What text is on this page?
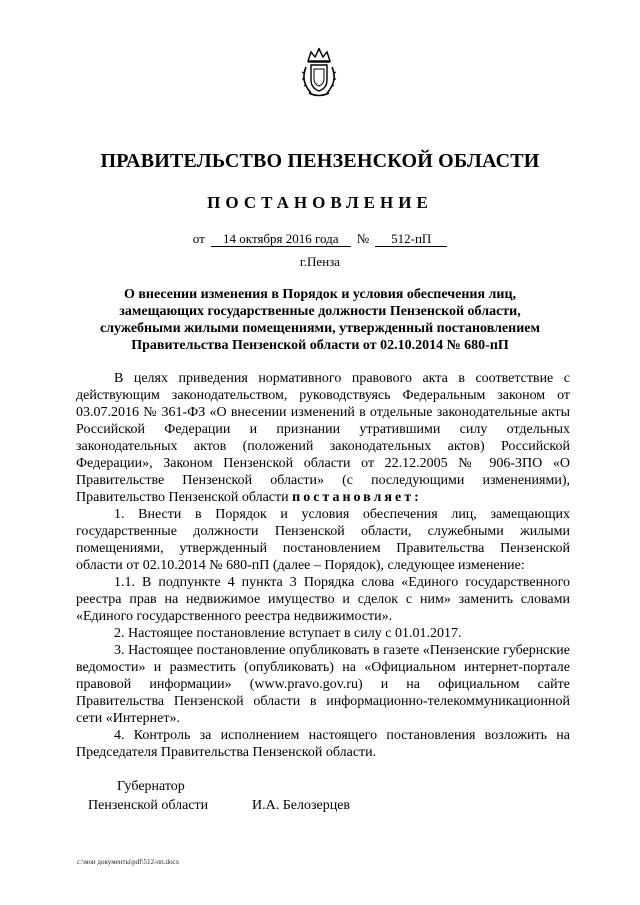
ПРАВИТЕЛЬСТВО ПЕНЗЕНСКОЙ ОБЛАСТИ
ПОСТАНОВЛЕНИЕ
от 14 октября 2016 года № 512-пП
г.Пенза
О внесении изменения в Порядок и условия обеспечения лиц,
замещающих государственные должности Пензенской области,
служебными жилыми помещениями, утвержденный постановлением
Правительства Пензенской области от 02.10.2014 № 680-пП

В целях приведения нормативного правового акта в соответствие с действующим законодательством, руководствуясь Федеральным законом от 03.07.2016 № 361-ФЗ «О внесении изменений в отдельные законодательные акты Российской Федерации и признании утратившими силу отдельных законодательных актов (положений законодательных актов) Российской Федерации», Законом Пензенской области от 22.12.2005 № 906-ЗПО «О Правительстве Пензенской области» (с последующими изменениями), Правительство Пензенской области постановляет:

1. Внести в Порядок и условия обеспечения лиц, замещающих государственные должности Пензенской области, служебными жилыми помещениями, утвержденный постановлением Правительства Пензенской области от 02.10.2014 № 680-пП (далее – Порядок), следующее изменение:

1.1. В подпункте 4 пункта 3 Порядка слова «Единого государственного реестра прав на недвижимое имущество и сделок с ним» заменить словами «Единого государственного реестра недвижимости».

2. Настоящее постановление вступает в силу с 01.01.2017.

3. Настоящее постановление опубликовать в газете «Пензенские губернские ведомости» и разместить (опубликовать) на «Официальном интернет-портале правовой информации» (www.pravo.gov.ru) и на официальном сайте Правительства Пензенской области в информационно-телекоммуникационной сети «Интернет».

4. Контроль за исполнением настоящего постановления возложить на Председателя Правительства Пензенской области.

Губернатор
Пензенской области	И.А. Белозерцев
c:\мои документы\pdf\512-пп.docx
